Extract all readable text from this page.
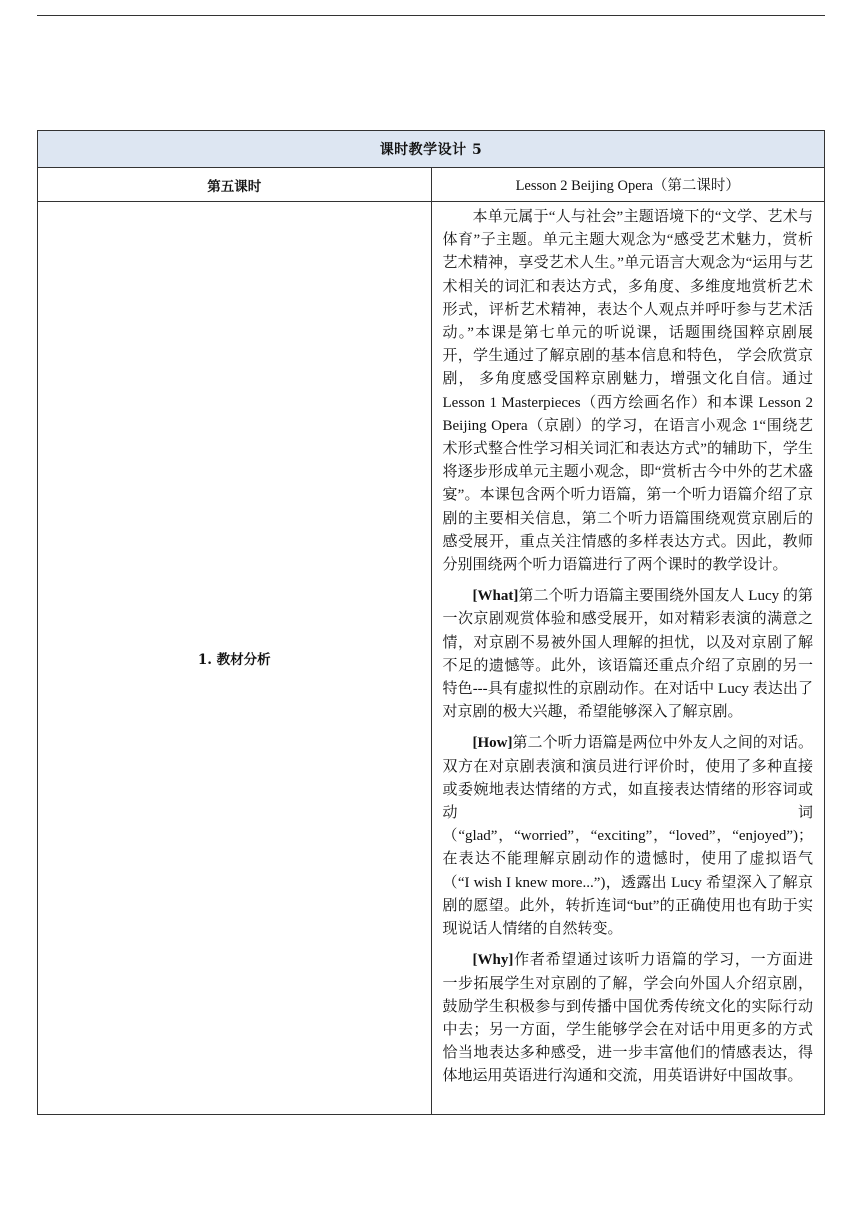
课时教学设计 5	
第五课时	Lesson 2 Beijing Opera（第二课时）
1. 教材分析	本单元属于“人与社会”主题语境下的“文学、艺术与体育”子主题。单元主题大观念为“感受艺术魅力，赏析艺术精神，享受艺术人生。”单元语言大观念为“运用与艺术相关的词汇和表达方式，多角度、多维度地赏析艺术形式，评析艺术精神，表达个人观点并呼吁参与艺术活动。”本课是第七单元的听说课，话题围绕国粹京剧展开，学生通过了解京剧的基本信息和特色， 学会欣赏京剧， 多角度感受国粹京剧魅力，增强文化自信。通过 Lesson 1 Masterpieces（西方绘画名作）和本课 Lesson 2 Beijing Opera（京剧）的学习，在语言小观念 1“围绕艺术形式整合性学习相关词汇和表达方式”的辅助下，学生将逐步形成单元主题小观念，即“赏析古今中外的艺术盛宴”。本课包含两个听力语篇，第一个听力语篇介绍了京剧的主要相关信息，第二个听力语篇围绕观赏京剧后的感受展开，重点关注情感的多样表达方式。因此，教师分别围绕两个听力语篇进行了两个课时的教学设计。

[What]第二个听力语篇主要围绕外国友人 Lucy 的第一次京剧观赏体验和感受展开，如对精彩表演的满意之情，对京剧不易被外国人理解的担忧，以及对京剧了解不足的遗憾等。此外，该语篇还重点介绍了京剧的另一特色---具有虚拟性的京剧动作。在对话中 Lucy 表达出了对京剧的极大兴趣，希望能够深入了解京剧。

[How]第二个听力语篇是两位中外友人之间的对话。双方在对京剧表演和演员进行评价时，使用了多种直接或委婉地表达情绪的方式，如直接表达情绪的形容词或动词（“glad”，“worried”，“exciting”，“loved”，“enjoyed”)；在表达不能理解京剧动作的遗憾时，使用了虚拟语气（“I wish I knew more...”)，透露出 Lucy 希望深入了解京剧的愿望。此外，转折连词“but”的正确使用也有助于实现说话人情绪的自然转变。

[Why]作者希望通过该听力语篇的学习，一方面进一步拓展学生对京剧的了解，学会向外国人介绍京剧， 鼓励学生积极参与到传播中国优秀传统文化的实际行动中去；另一方面，学生能够学会在对话中用更多的方式恰当地表达多种感受，进一步丰富他们的情感表达，得体地运用英语进行沟通和交流，用英语讲好中国故事。
